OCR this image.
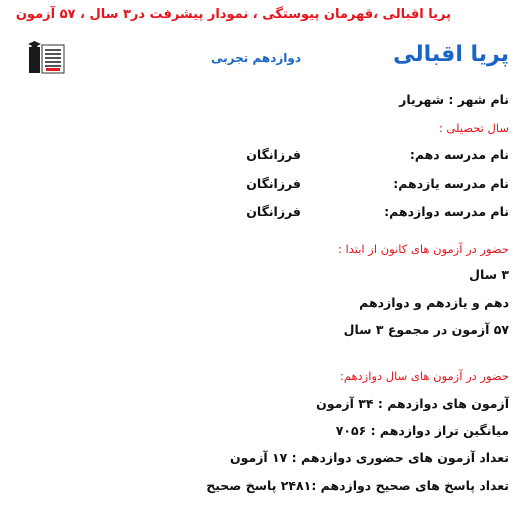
پریا اقبالی ،قهرمان پیوستگی ، نمودار پیشرفت در۳ سال ، ۵۷ آزمون
پریا اقبالی
دوازدهم تجربی
نام شهر : شهریار
سال تحصیلی :
نام مدرسه دهم:
فرزانگان
نام مدرسه یازدهم:
فرزانگان
نام مدرسه دوازدهم:
فرزانگان
حضور در آزمون های کانون از ابتدا :
۳ سال
دهم و یازدهم و دوازدهم
۵۷ آزمون در مجموع ۳ سال
حضور در آزمون های سال دوازدهم:
آزمون های دوازدهم : ۳۴ آزمون
میانگین تراز دوازدهم : ۷۰۵۶
تعداد آزمون های حضوری دوازدهم : ۱۷ آزمون
تعداد پاسخ های صحیح دوازدهم :۲۴۸۱ پاسخ صحیح
